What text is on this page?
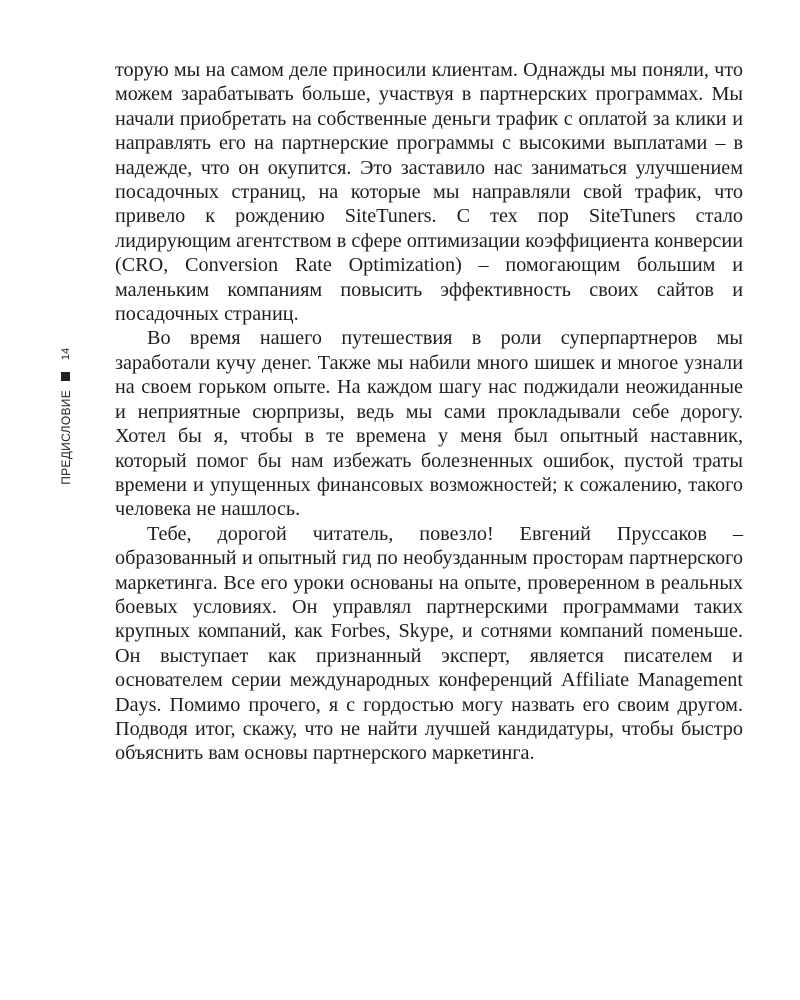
14
ПРЕДИСЛОВИЕ

торую мы на самом деле приносили клиентам. Однажды мы поняли, что можем зарабатывать больше, участвуя в партнерских программах. Мы начали приобретать на собственные деньги трафик с оплатой за клики и направлять его на партнерские программы с высокими выплатами – в надежде, что он окупится. Это заставило нас заниматься улучшением посадочных страниц, на которые мы направляли свой трафик, что привело к рождению SiteTuners. С тех пор SiteTuners стало лидирующим агентством в сфере оптимизации коэффициента конверсии (CRO, Conversion Rate Optimization) – помогающим большим и маленьким компаниям повысить эффективность своих сайтов и посадочных страниц.

Во время нашего путешествия в роли суперпартнеров мы заработали кучу денег. Также мы набили много шишек и многое узнали на своем горьком опыте. На каждом шагу нас поджидали неожиданные и неприятные сюрпризы, ведь мы сами прокладывали себе дорогу. Хотел бы я, чтобы в те времена у меня был опытный наставник, который помог бы нам избежать болезненных ошибок, пустой траты времени и упущенных финансовых возможностей; к сожалению, такого человека не нашлось.

Тебе, дорогой читатель, повезло! Евгений Пруссаков – образованный и опытный гид по необузданным просторам партнерского маркетинга. Все его уроки основаны на опыте, проверенном в реальных боевых условиях. Он управлял партнерскими программами таких крупных компаний, как Forbes, Skype, и сотнями компаний поменьше. Он выступает как признанный эксперт, является писателем и основателем серии международных конференций Affiliate Management Days. Помимо прочего, я с гордостью могу назвать его своим другом. Подводя итог, скажу, что не найти лучшей кандидатуры, чтобы быстро объяснить вам основы партнерского маркетинга.
